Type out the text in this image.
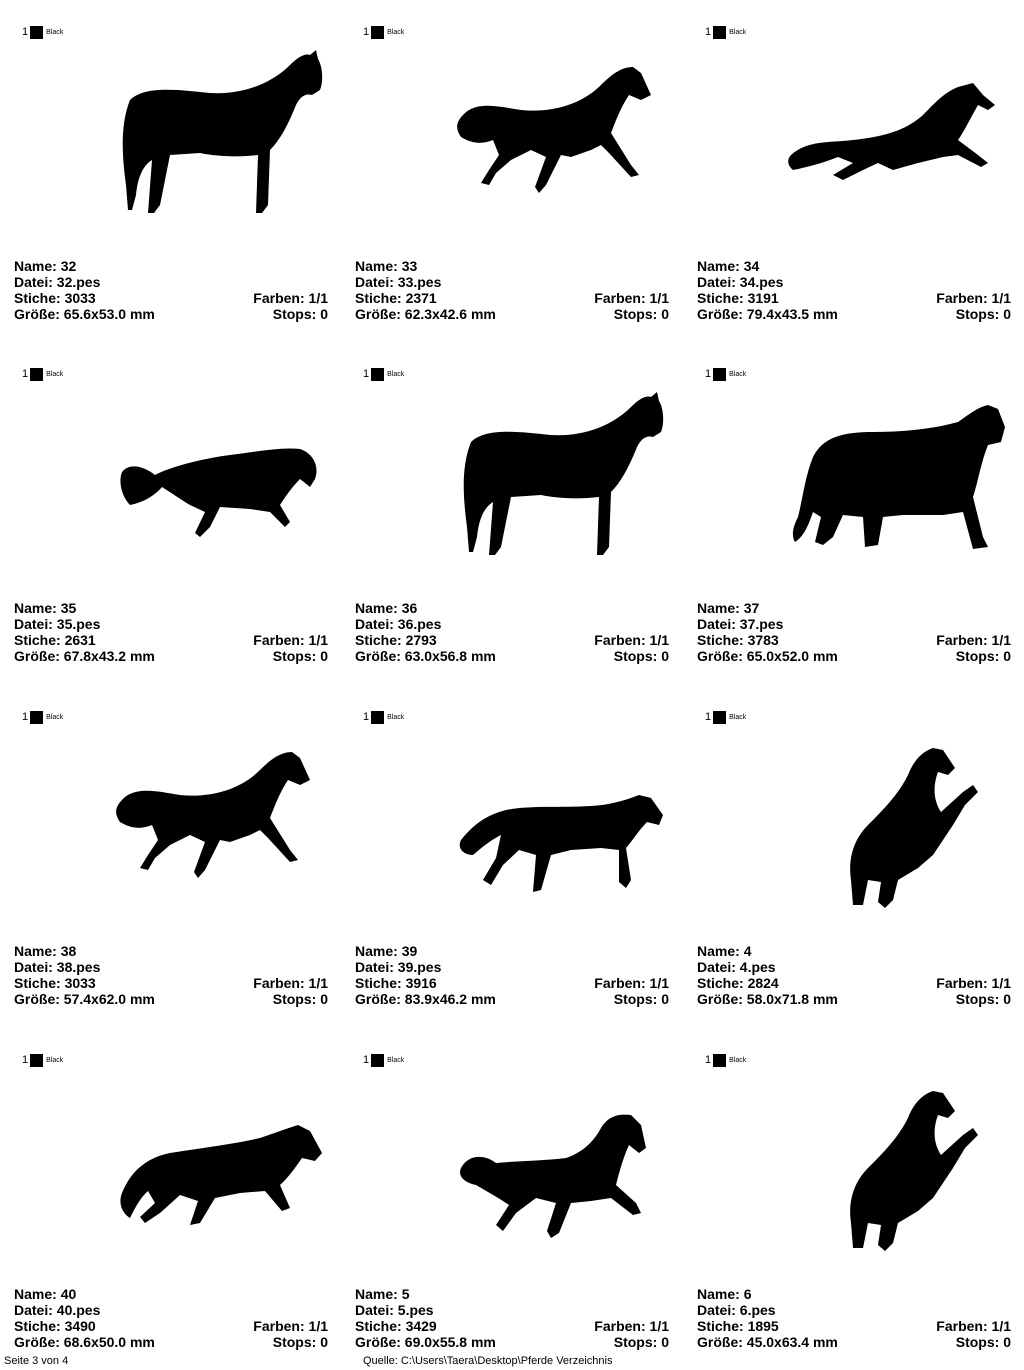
1	Black
Name: 32
Datei: 32.pes
Stiche: 3033	Farben: 1/1
Größe: 65.6x53.0 mm	Stops: 0
1	Black
Name: 33
Datei: 33.pes
Stiche: 2371	Farben: 1/1
Größe: 62.3x42.6 mm	Stops: 0
1	Black
Name: 34
Datei: 34.pes
Stiche: 3191	Farben: 1/1
Größe: 79.4x43.5 mm	Stops: 0
1	Black
Name: 35
Datei: 35.pes
Stiche: 2631	Farben: 1/1
Größe: 67.8x43.2 mm	Stops: 0
1	Black
Name: 36
Datei: 36.pes
Stiche: 2793	Farben: 1/1
Größe: 63.0x56.8 mm	Stops: 0
1	Black
Name: 37
Datei: 37.pes
Stiche: 3783	Farben: 1/1
Größe: 65.0x52.0 mm	Stops: 0
1	Black
Name: 38
Datei: 38.pes
Stiche: 3033	Farben: 1/1
Größe: 57.4x62.0 mm	Stops: 0
1	Black
Name: 39
Datei: 39.pes
Stiche: 3916	Farben: 1/1
Größe: 83.9x46.2 mm	Stops: 0
1	Black
Name: 4
Datei: 4.pes
Stiche: 2824	Farben: 1/1
Größe: 58.0x71.8 mm	Stops: 0
1	Black
Name: 40
Datei: 40.pes
Stiche: 3490	Farben: 1/1
Größe: 68.6x50.0 mm	Stops: 0
1	Black
Name: 5
Datei: 5.pes
Stiche: 3429	Farben: 1/1
Größe: 69.0x55.8 mm	Stops: 0
1	Black
Name: 6
Datei: 6.pes
Stiche: 1895	Farben: 1/1
Größe: 45.0x63.4 mm	Stops: 0
Seite 3 von 4	Quelle: C:\Users\Taera\Desktop\Pferde Verzeichnis
